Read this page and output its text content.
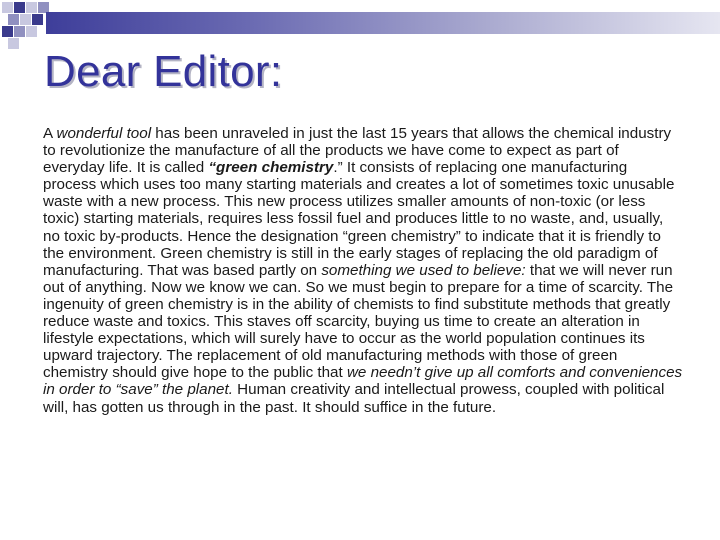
Dear Editor:

A wonderful tool has been unraveled in just the last 15 years that allows the chemical industry to revolutionize the manufacture of all the products we have come to expect as part of everyday life. It is called “green chemistry.” It consists of replacing one manufacturing process which uses too many starting materials and creates a lot of sometimes toxic unusable waste with a new process. This new process utilizes smaller amounts of non-toxic (or less toxic) starting materials, requires less fossil fuel and produces little to no waste, and, usually, no toxic by-products. Hence the designation “green chemistry” to indicate that it is friendly to the environment. Green chemistry is still in the early stages of replacing the old paradigm of manufacturing. That was based partly on something we used to believe: that we will never run out of anything. Now we know we can. So we must begin to prepare for a time of scarcity. The ingenuity of green chemistry is in the ability of chemists to find substitute methods that greatly reduce waste and toxics. This staves off scarcity, buying us time to create an alteration in lifestyle expectations, which will surely have to occur as the world population continues its upward trajectory. The replacement of old manufacturing methods with those of green chemistry should give hope to the public that we needn’t give up all comforts and conveniences in order to “save” the planet. Human creativity and intellectual prowess, coupled with political will, has gotten us through in the past. It should suffice in the future.
